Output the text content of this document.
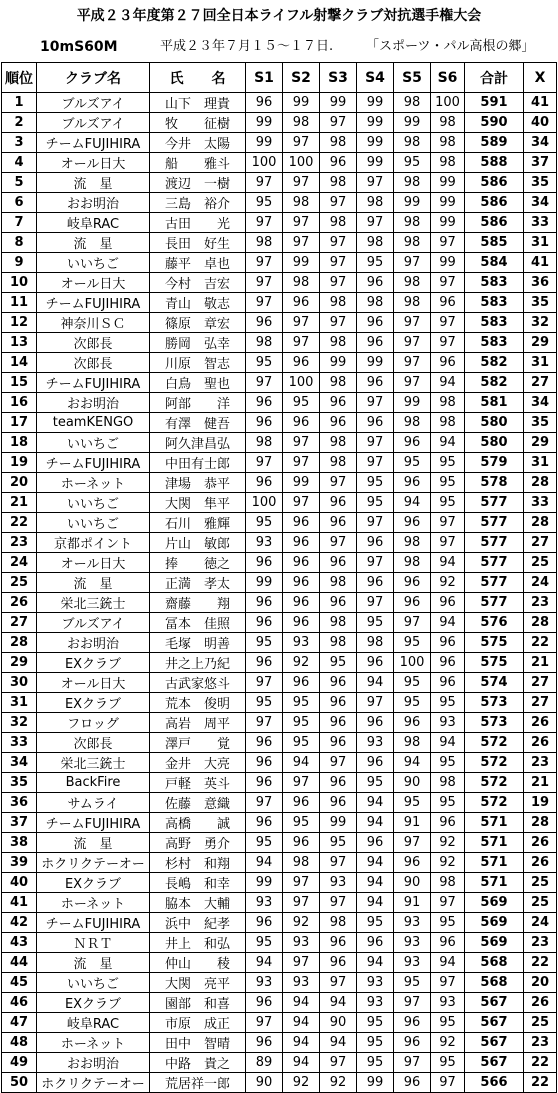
平成２３年度第２７回全日本ライフル射撃クラブ対抗選手権大会
10mS60M	平成２３年７月１５～１７日.	「スポーツ・パル高根の郷」
順位	クラブ名	氏　　名	S1	S2	S3	S4	S5	S6	合計	X
1	ブルズアイ	山下　理貴	96	99	99	99	98	100	591	41
2	ブルズアイ	牧　　征樹	99	98	97	99	99	98	590	40
3	チームFUJIHIRA	今井　太陽	99	97	98	99	98	98	589	34
4	オール日大	船　　雅斗	100	100	96	99	95	98	588	37
5	流　星	渡辺　一樹	97	97	98	97	98	99	586	35
6	おお明治	三島　裕介	95	98	97	98	99	99	586	34
7	岐阜RAC	古田　　光	97	97	98	97	98	99	586	33
8	流　星	長田　好生	98	97	97	98	98	97	585	31
9	いいちご	藤平　卓也	97	99	97	95	97	99	584	41
10	オール日大	今村　吉宏	97	98	97	96	98	97	583	36
11	チームFUJIHIRA	青山　敬志	97	96	98	98	98	96	583	35
12	神奈川ＳＣ	篠原　章宏	96	97	97	96	97	97	583	32
13	次郎長	勝岡　弘幸	98	97	98	96	97	97	583	29
14	次郎長	川原　智志	95	96	99	99	97	96	582	31
15	チームFUJIHIRA	白鳥　聖也	97	100	98	96	97	94	582	27
16	おお明治	阿部　　洋	96	95	96	97	99	98	581	34
17	teamKENGO	有澤　健吾	96	96	96	96	98	98	580	35
18	いいちご	阿久津昌弘	98	97	98	97	96	94	580	29
19	チームFUJIHIRA	中田有士郎	97	97	98	97	95	95	579	31
20	ホーネット	津場　恭平	96	99	97	95	96	95	578	28
21	いいちご	大関　隼平	100	97	96	95	94	95	577	33
22	いいちご	石川　雅輝	95	96	96	97	96	97	577	28
23	京都ポイント	片山　敏郎	93	96	97	96	98	97	577	27
24	オール日大	捧　　徳之	96	96	96	97	98	94	577	25
25	流　星	正満　孝太	99	96	98	96	96	92	577	24
26	栄北三銃士	齋藤　　翔	96	96	96	97	96	96	577	23
27	ブルズアイ	冨本　佳照	96	96	98	95	97	94	576	28
28	おお明治	毛塚　明善	95	93	98	98	95	96	575	22
29	EXクラブ	井之上乃紀	96	92	95	96	100	96	575	21
30	オール日大	古武家悠斗	97	96	96	94	95	96	574	27
31	EXクラブ	荒本　俊明	95	95	96	97	95	95	573	27
32	フロッグ	高岩　周平	97	95	96	96	96	93	573	26
33	次郎長	澤戸　　覚	96	95	96	93	98	94	572	26
34	栄北三銃士	金井　大亮	96	94	97	96	94	95	572	23
35	BackFire	戸軽　英斗	96	97	96	95	90	98	572	21
36	サムライ	佐藤　意織	97	96	96	94	95	95	572	19
37	チームFUJIHIRA	高橋　　誠	96	95	99	94	91	96	571	28
38	流　星	高野　勇介	95	96	95	96	97	92	571	26
39	ホクリクテーオー	杉村　和翔	94	98	97	94	96	92	571	26
40	EXクラブ	長嶋　和幸	99	97	93	94	90	98	571	25
41	ホーネット	脇本　大輔	93	97	97	94	91	97	569	25
42	チームFUJIHIRA	浜中　紀孝	96	92	98	95	93	95	569	24
43	ＮＲＴ	井上　和弘	95	93	96	96	93	96	569	23
44	流　星	仲山　　稜	94	97	96	94	93	94	568	22
45	いいちご	大関　亮平	93	93	97	93	95	97	568	20
46	EXクラブ	園部　和喜	96	94	94	93	97	93	567	26
47	岐阜RAC	市原　成正	97	94	90	95	96	95	567	25
48	ホーネット	田中　智晴	96	94	94	95	96	92	567	23
49	おお明治	中路　貴之	89	94	97	95	97	95	567	22
50	ホクリクテーオー	荒居祥一郎	90	92	92	99	96	97	566	22
